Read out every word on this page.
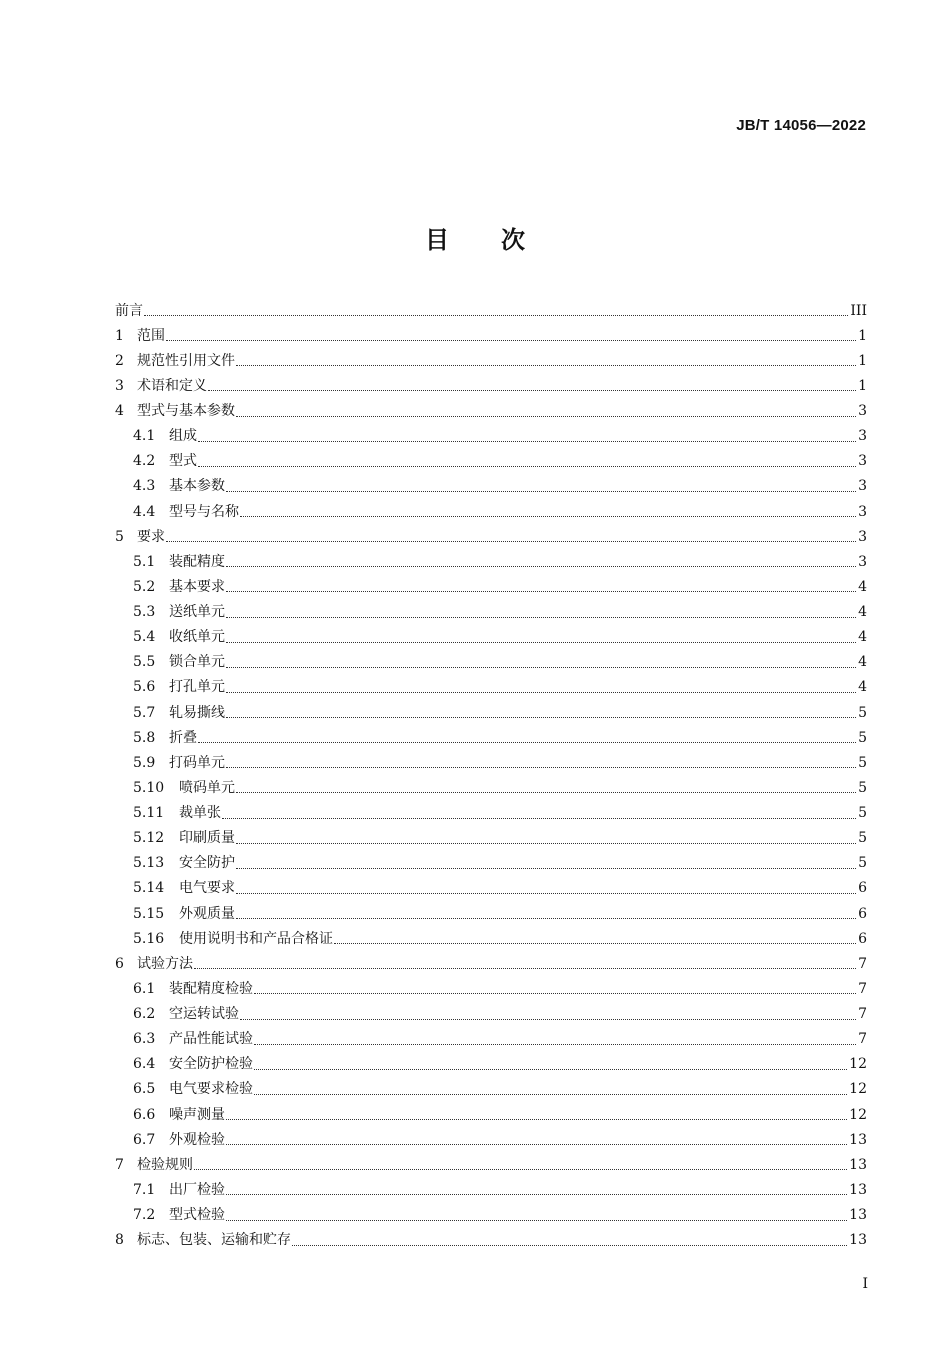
JB/T 14056—2022
目 次
前言	III
1 范围	1
2 规范性引用文件	1
3 术语和定义	1
4 型式与基本参数	3
4.1 组成	3
4.2 型式	3
4.3 基本参数	3
4.4 型号与名称	3
5 要求	3
5.1 装配精度	3
5.2 基本要求	4
5.3 送纸单元	4
5.4 收纸单元	4
5.5 锁合单元	4
5.6 打孔单元	4
5.7 轧易撕线	5
5.8 折叠	5
5.9 打码单元	5
5.10	喷码单元	5
5.11	裁单张	5
5.12	印刷质量	5
5.13	安全防护	5
5.14	电气要求	6
5.15	外观质量	6
5.16	使用说明书和产品合格证	6
6 试验方法	7
6.1 装配精度检验	7
6.2 空运转试验	7
6.3 产品性能试验	7
6.4 安全防护检验	12
6.5 电气要求检验	12
6.6 噪声测量	12
6.7 外观检验	13
7 检验规则	13
7.1 出厂检验	13
7.2 型式检验	13
8 标志、包装、运输和贮存	13
I
